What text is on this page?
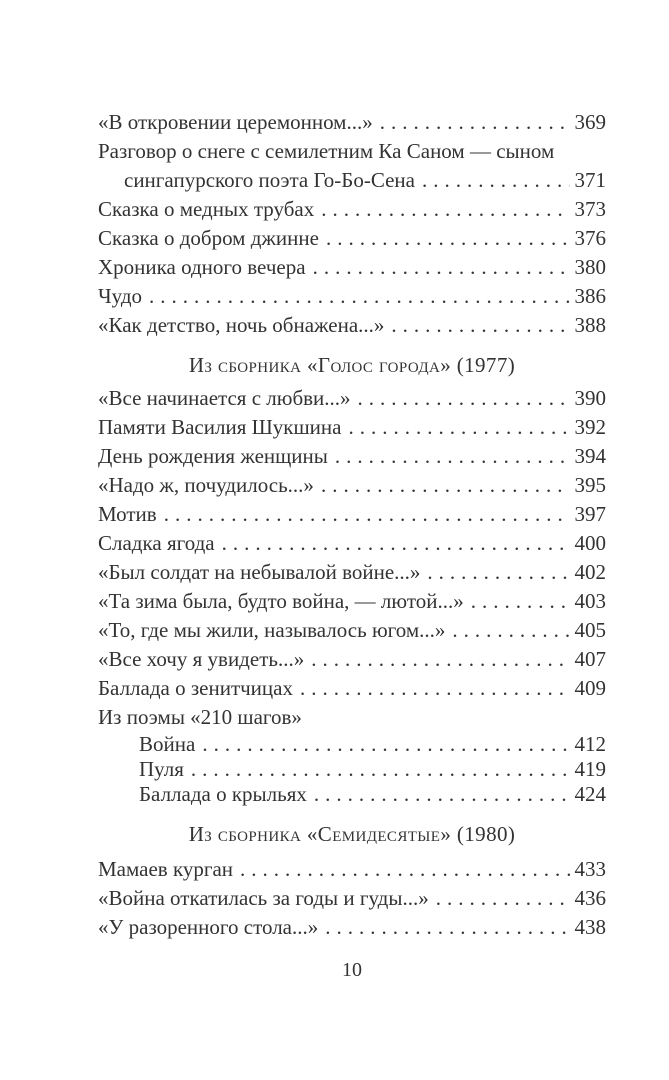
«В откровении церемонном...» .....	369
Разговор о снеге с семилетним Ка Саном — сыном
сингапурского поэта Го-Бо-Сена .....	371
Сказка о медных трубах .....	373
Сказка о добром джинне .....	376
Хроника одного вечера .....	380
Чудо .....	386
«Как детство, ночь обнажена...» .....	388
Из сборника «Голос города» (1977)
«Все начинается с любви...» .....	390
Памяти Василия Шукшина .....	392
День рождения женщины .....	394
«Надо ж, почудилось...» .....	395
Мотив .....	397
Сладка ягода .....	400
«Был солдат на небывалой войне...» .....	402
«Та зима была, будто война, — лютой...» .....	403
«То, где мы жили, называлось югом...» .....	405
«Все хочу я увидеть...» .....	407
Баллада о зенитчицах .....	409
Из поэмы «210 шагов»
Война .....	412
Пуля .....	419
Баллада о крыльях .....	424
Из сборника «Семидесятые» (1980)
Мамаев курган .....	433
«Война откатилась за годы и гуды...» .....	436
«У разоренного стола...» .....	438
10
